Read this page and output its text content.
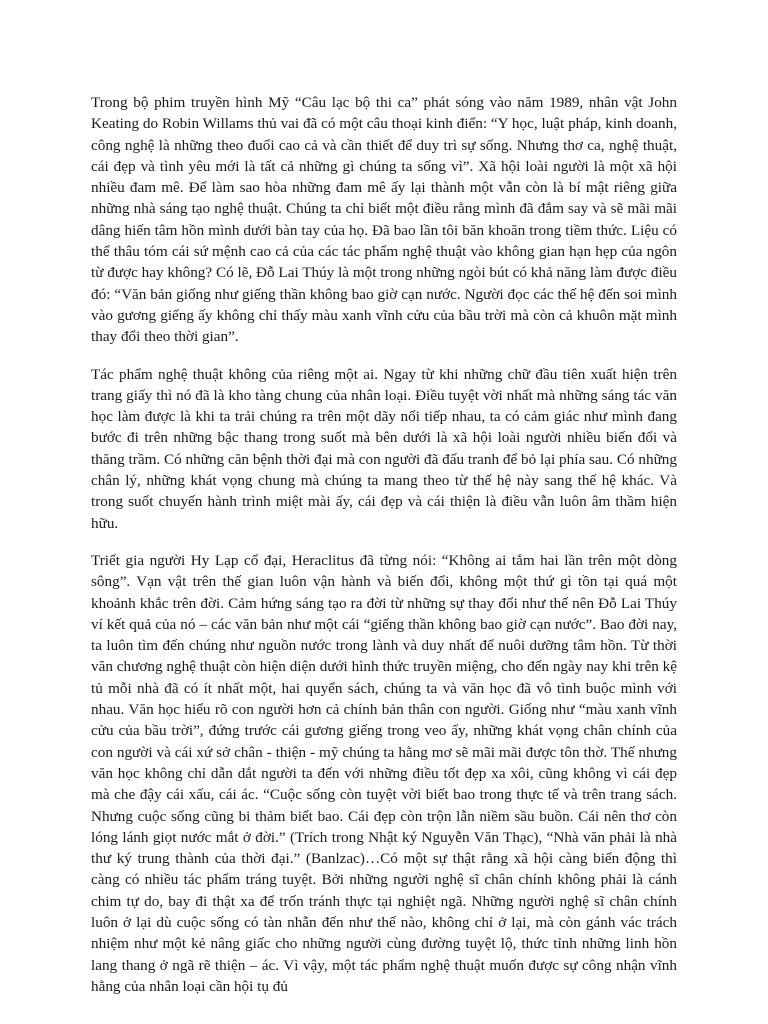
Trong bộ phim truyền hình Mỹ “Câu lạc bộ thi ca” phát sóng vào năm 1989, nhân vật John Keating do Robin Willams thủ vai đã có một câu thoại kinh điển: “Y học, luật pháp, kinh doanh, công nghệ là những theo đuổi cao cả và cần thiết để duy trì sự sống. Nhưng thơ ca, nghệ thuật, cái đẹp và tình yêu mới là tất cả những gì chúng ta sống vì”. Xã hội loài người là một xã hội nhiều đam mê. Để làm sao hòa những đam mê ấy lại thành một vẫn còn là bí mật riêng giữa những nhà sáng tạo nghệ thuật. Chúng ta chỉ biết một điều rằng mình đã đắm say và sẽ mãi mãi dâng hiến tâm hồn mình dưới bàn tay của họ. Đã bao lần tôi băn khoăn trong tiềm thức. Liệu có thể thâu tóm cái sứ mệnh cao cả của các tác phẩm nghệ thuật vào không gian hạn hẹp của ngôn từ được hay không? Có lẽ, Đỗ Lai Thúy là một trong những ngòi bút có khả năng làm được điều đó: “Văn bản giống như giếng thần không bao giờ cạn nước. Người đọc các thế hệ đến soi mình vào gương giếng ấy không chỉ thấy màu xanh vĩnh cửu của bầu trời mà còn cả khuôn mặt mình thay đổi theo thời gian”.

Tác phẩm nghệ thuật không của riêng một ai. Ngay từ khi những chữ đầu tiên xuất hiện trên trang giấy thì nó đã là kho tàng chung của nhân loại. Điều tuyệt vời nhất mà những sáng tác văn học làm được là khi ta trải chúng ra trên một dãy nối tiếp nhau, ta có cảm giác như mình đang bước đi trên những bậc thang trong suốt mà bên dưới là xã hội loài người nhiều biến đổi và thăng trầm. Có những căn bệnh thời đại mà con người đã đấu tranh để bỏ lại phía sau. Có những chân lý, những khát vọng chung mà chúng ta mang theo từ thế hệ này sang thế hệ khác. Và trong suốt chuyến hành trình miệt mài ấy, cái đẹp và cái thiện là điều vẫn luôn âm thầm hiện hữu.

Triết gia người Hy Lạp cổ đại, Heraclitus đã từng nói: “Không ai tắm hai lần trên một dòng sông”. Vạn vật trên thế gian luôn vận hành và biến đổi, không một thứ gì tồn tại quá một khoảnh khắc trên đời. Cảm hứng sáng tạo ra đời từ những sự thay đổi như thế nên Đỗ Lai Thúy ví kết quả của nó – các văn bản như một cái “giếng thần không bao giờ cạn nước”. Bao đời nay, ta luôn tìm đến chúng như nguồn nước trong lành và duy nhất để nuôi dưỡng tâm hồn. Từ thời văn chương nghệ thuật còn hiện diện dưới hình thức truyền miệng, cho đến ngày nay khi trên kệ tủ mỗi nhà đã có ít nhất một, hai quyển sách, chúng ta và văn học đã vô tình buộc mình với nhau. Văn học hiểu rõ con người hơn cả chính bản thân con người. Giống như “màu xanh vĩnh cửu của bầu trời”, đứng trước cái gương giếng trong veo ấy, những khát vọng chân chính của con người và cái xứ sở chân - thiện - mỹ chúng ta hằng mơ sẽ mãi mãi được tôn thờ. Thế nhưng văn học không chỉ dẫn dắt người ta đến với những điều tốt đẹp xa xôi, cũng không vì cái đẹp mà che đậy cái xấu, cái ác. “Cuộc sống còn tuyệt vời biết bao trong thực tế và trên trang sách. Nhưng cuộc sống cũng bi thảm biết bao. Cái đẹp còn trộn lẫn niềm sầu buồn. Cái nên thơ còn lóng lánh giọt nước mắt ở đời.” (Trích trong Nhật ký Nguyễn Văn Thạc), “Nhà văn phải là nhà thư ký trung thành của thời đại.” (Banlzac)…Có một sự thật rằng xã hội càng biến động thì càng có nhiều tác phẩm tráng tuyệt. Bởi những người nghệ sĩ chân chính không phải là cánh chim tự do, bay đi thật xa để trốn tránh thực tại nghiệt ngã. Những người nghệ sĩ chân chính luôn ở lại dù cuộc sống có tàn nhẫn đến như thế nào, không chỉ ở lại, mà còn gánh vác trách nhiệm như một kẻ nâng giấc cho những người cùng đường tuyệt lộ, thức tỉnh những linh hồn lang thang ở ngã rẽ thiện – ác. Vì vậy, một tác phẩm nghệ thuật muốn được sự công nhận vĩnh hằng của nhân loại cần hội tụ đủ
